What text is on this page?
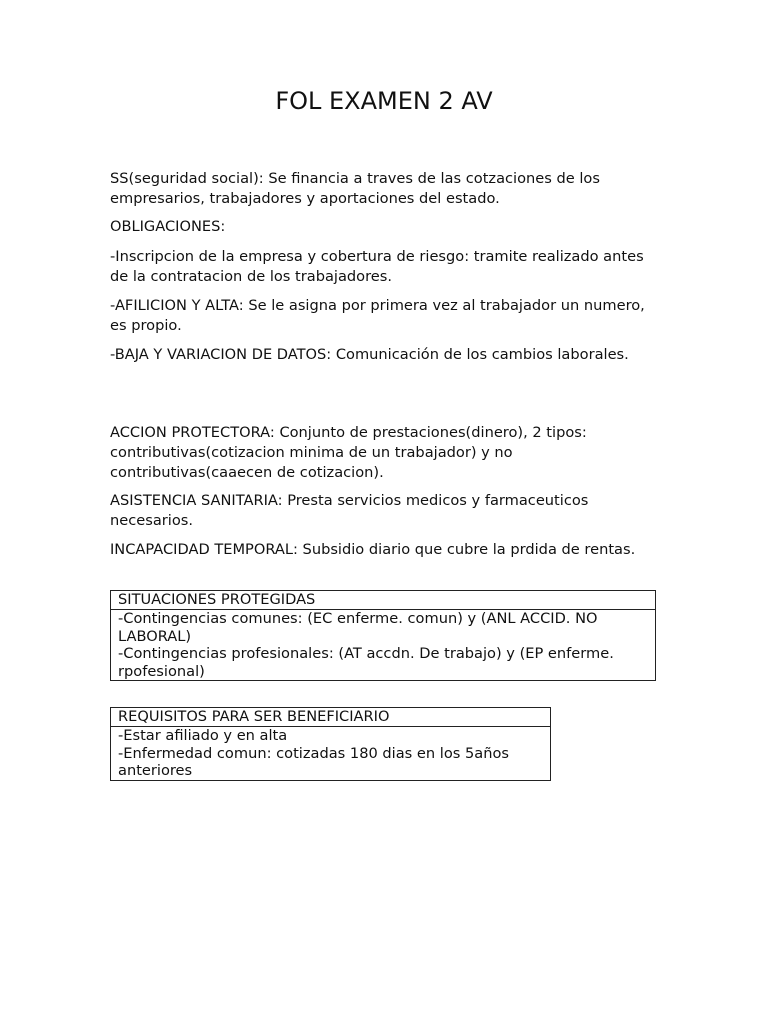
FOL EXAMEN 2 AV

SS(seguridad social): Se financia a traves de las cotzaciones de los empresarios, trabajadores y aportaciones del estado.

OBLIGACIONES:

-Inscripcion de la empresa y cobertura de riesgo: tramite realizado antes de la contratacion de los trabajadores.

-AFILICION Y ALTA: Se le asigna por primera vez al trabajador un numero, es propio.

-BAJA Y VARIACION DE DATOS: Comunicación de los cambios laborales.

ACCION PROTECTORA: Conjunto de prestaciones(dinero), 2 tipos: contributivas(cotizacion minima de un trabajador) y no contributivas(caaecen de cotizacion).

ASISTENCIA SANITARIA: Presta servicios medicos y farmaceuticos necesarios.

INCAPACIDAD TEMPORAL: Subsidio diario que cubre la prdida de rentas.

SITUACIONES PROTEGIDAS
-Contingencias comunes: (EC enferme. comun) y (ANL ACCID. NO
LABORAL)
-Contingencias profesionales: (AT accdn. De trabajo) y (EP enferme.
rpofesional)
REQUISITOS PARA SER BENEFICIARIO
-Estar afiliado y en alta
-Enfermedad comun: cotizadas 180 dias en los 5años
anteriores
